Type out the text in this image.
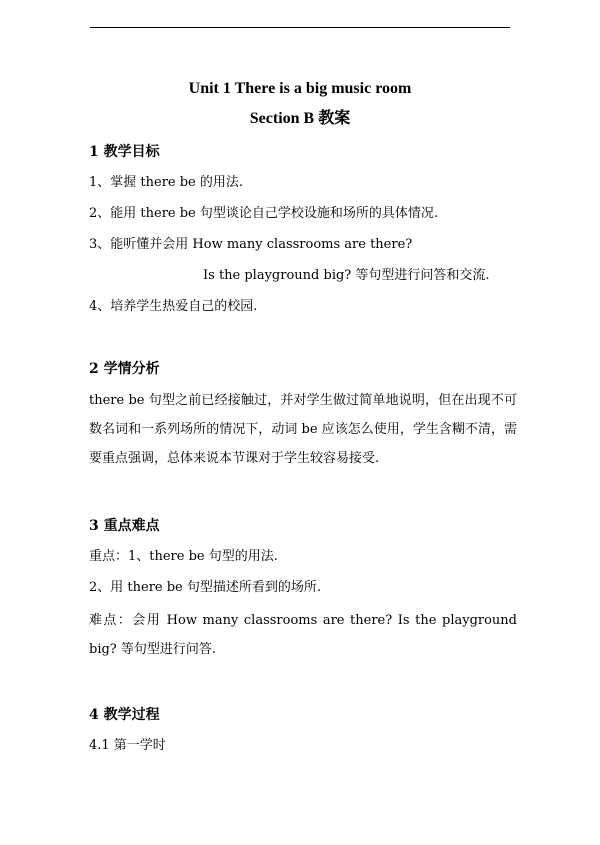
Unit 1 There is a big music room
Section B 教案
1 教学目标
1、掌握 there be 的用法.
2、能用 there be 句型谈论自己学校设施和场所的具体情况.
3、能听懂并会用 How many classrooms are there?
Is the playground big? 等句型进行问答和交流.
4、培养学生热爱自己的校园.
2 学情分析
there be 句型之前已经接触过，并对学生做过简单地说明，但在出现不可数名词和一系列场所的情况下，动词 be 应该怎么使用，学生含糊不清，需要重点强调，总体来说本节课对于学生较容易接受.
3 重点难点
重点：1、there be 句型的用法.
2、用 there be 句型描述所看到的场所.
难点：会用 How many classrooms are there? Is the playground big? 等句型进行问答.
4 教学过程
4.1 第一学时
